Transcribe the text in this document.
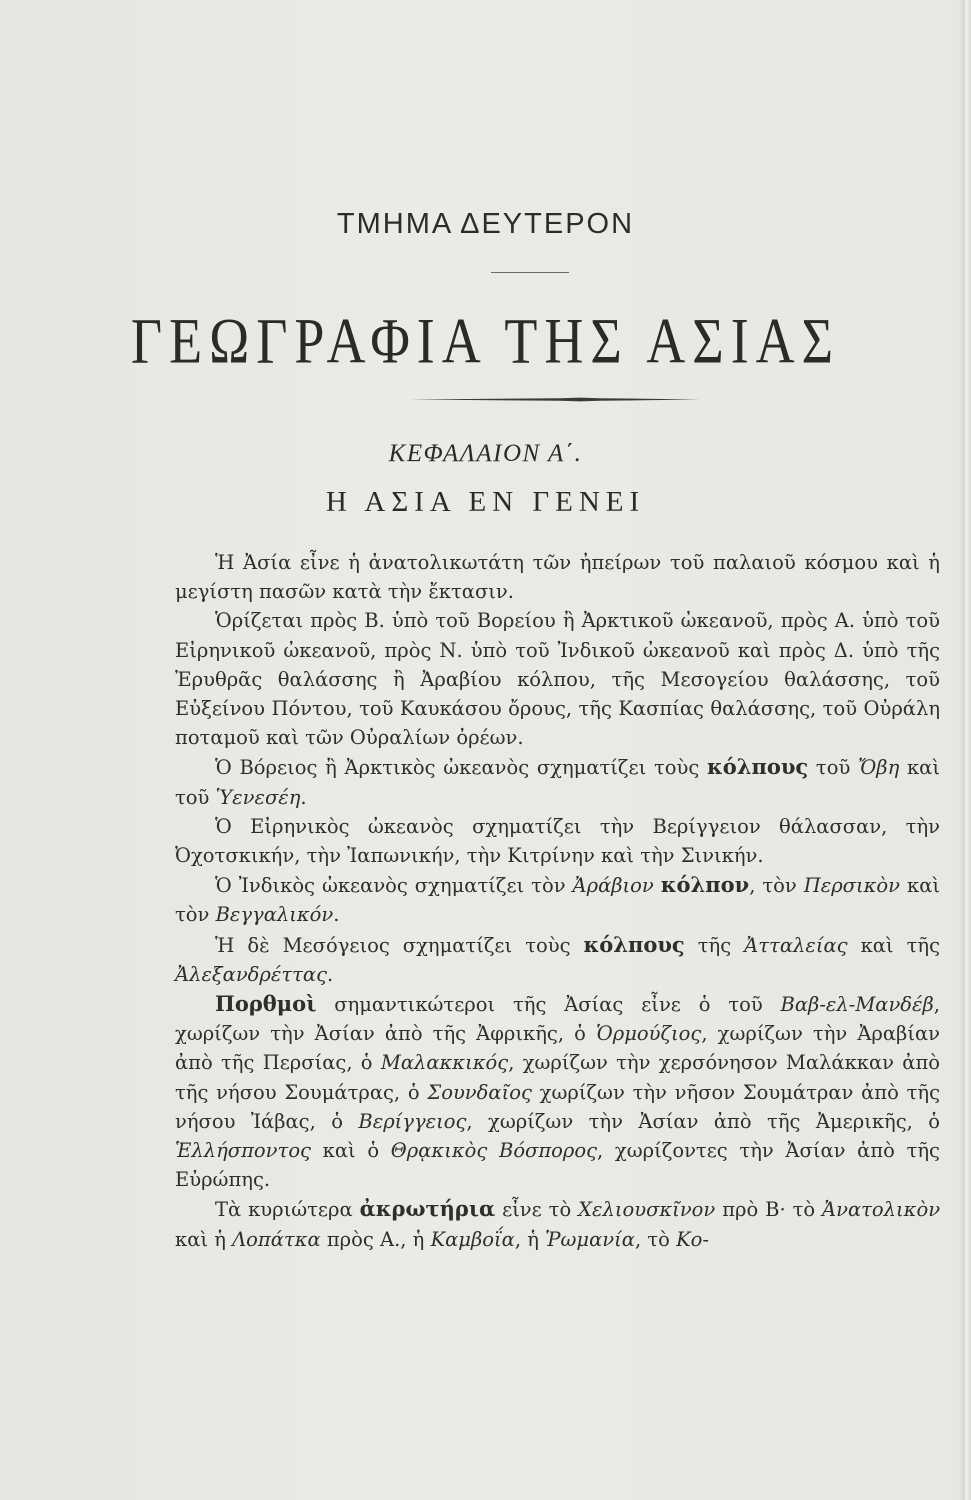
ΤΜΗΜΑ ΔΕΥΤΕΡΟΝ
ΓΕΩΓΡΑΦΙΑ ΤΗΣ ΑΣΙΑΣ
ΚΕΦΑΛΑΙΟΝ Α΄.
Η ΑΣΙΑ ΕΝ ΓΕΝΕΙ

Ἡ Ἀσία εἶνε ἡ ἀνατολικωτάτη τῶν ἠπείρων τοῦ παλαιοῦ κόσμου καὶ ἡ μεγίστη πασῶν κατὰ τὴν ἔκτασιν.

Ὁρίζεται πρὸς Β. ὑπὸ τοῦ Βορείου ἢ Ἀρκτικοῦ ὠκεανοῦ, πρὸς Α. ὑπὸ τοῦ Εἰρηνικοῦ ὠκεανοῦ, πρὸς Ν. ὑπὸ τοῦ Ἰνδικοῦ ὠκεανοῦ καὶ πρὸς Δ. ὑπὸ τῆς Ἐρυθρᾶς θαλάσσης ἢ Ἀραβίου κόλπου, τῆς Μεσογείου θαλάσσης, τοῦ Εὐξείνου Πόντου, τοῦ Καυκάσου ὄρους, τῆς Κασπίας θαλάσσης, τοῦ Οὐράλη ποταμοῦ καὶ τῶν Οὐραλίων ὀρέων.

Ὁ Βόρειος ἢ Ἀρκτικὸς ὠκεανὸς σχηματίζει τοὺς κόλπους τοῦ Ὄβη καὶ τοῦ Ὑενεσέη.

Ὁ Εἰρηνικὸς ὠκεανὸς σχηματίζει τὴν Βερίγγειον θάλασσαν, τὴν Ὀχοτσκικήν, τὴν Ἰαπωνικήν, τὴν Κιτρίνην καὶ τὴν Σινικήν.

Ὁ Ἰνδικὸς ὠκεανὸς σχηματίζει τὸν Ἀράβιον κόλπον, τὸν Περσικὸν καὶ τὸν Βεγγαλικόν.

Ἡ δὲ Μεσόγειος σχηματίζει τοὺς κόλπους τῆς Ἀτταλείας καὶ τῆς Ἀλεξανδρέττας.

Πορθμοὶ σημαντικώτεροι τῆς Ἀσίας εἶνε ὁ τοῦ Βαβ-ελ-Μανδέβ, χωρίζων τὴν Ἀσίαν ἀπὸ τῆς Ἀφρικῆς, ὁ Ὁρμούζιος, χωρίζων τὴν Ἀραβίαν ἀπὸ τῆς Περσίας, ὁ Μαλακκικός, χωρίζων τὴν χερσόνησον Μαλάκκαν ἀπὸ τῆς νήσου Σουμάτρας, ὁ Σουνδαῖος χωρίζων τὴν νῆσον Σουμάτραν ἀπὸ τῆς νήσου Ἰάβας, ὁ Βερίγγειος, χωρίζων τὴν Ἀσίαν ἀπὸ τῆς Ἀμερικῆς, ὁ Ἑλλήσποντος καὶ ὁ Θρᾳκικὸς Βόσπορος, χωρίζοντες τὴν Ἀσίαν ἀπὸ τῆς Εὐρώπης.

Τὰ κυριώτερα ἀκρωτήρια εἶνε τὸ Χελιουσκῖνον πρὸ Β· τὸ Ἀνατολικὸν καὶ ἡ Λοπάτκα πρὸς Α., ἡ Καμβοΐα, ἡ Ῥωμανία, τὸ Κο-
